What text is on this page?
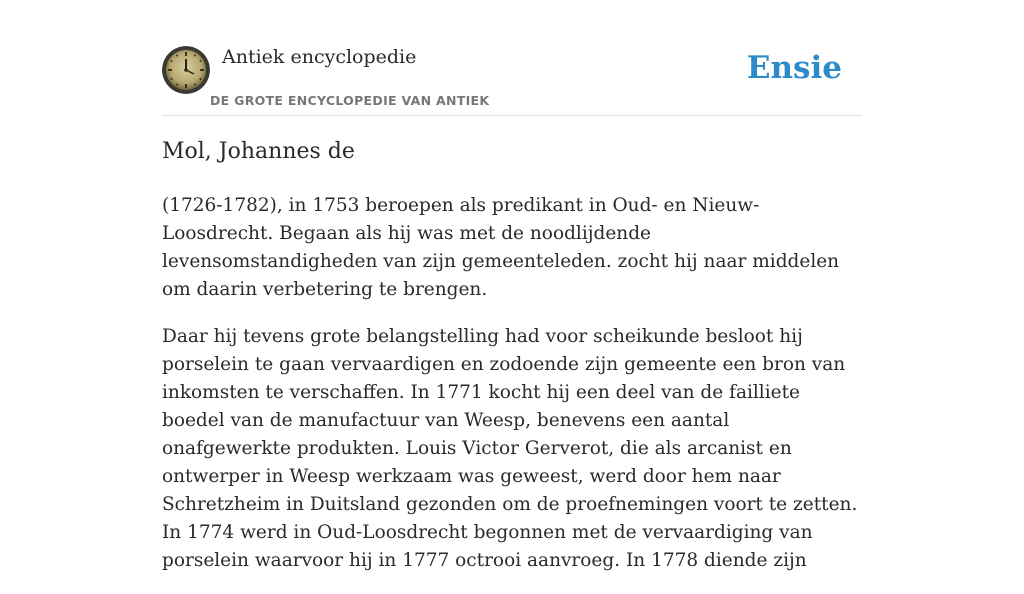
Antiek encyclopedie
DE GROTE ENCYCLOPEDIE VAN ANTIEK
Ensie
Mol, Johannes de

(1726-1782), in 1753 beroepen als predikant in Oud- en Nieuw-Loosdrecht. Begaan als hij was met de noodlijdende levensomstandigheden van zijn gemeenteleden. zocht hij naar middelen om daarin verbetering te brengen.

Daar hij tevens grote belangstelling had voor scheikunde besloot hij porselein te gaan vervaardigen en zodoende zijn gemeente een bron van inkomsten te verschaffen. In 1771 kocht hij een deel van de failliete boedel van de manufactuur van Weesp, benevens een aantal onafgewerkte produkten. Louis Victor Gerverot, die als arcanist en ontwerper in Weesp werkzaam was geweest, werd door hem naar Schretzheim in Duitsland gezonden om de proefnemingen voort te zetten. In 1774 werd in Oud-Loosdrecht begonnen met de vervaardiging van porselein waarvoor hij in 1777 octrooi aanvroeg. In 1778 diende zijn
